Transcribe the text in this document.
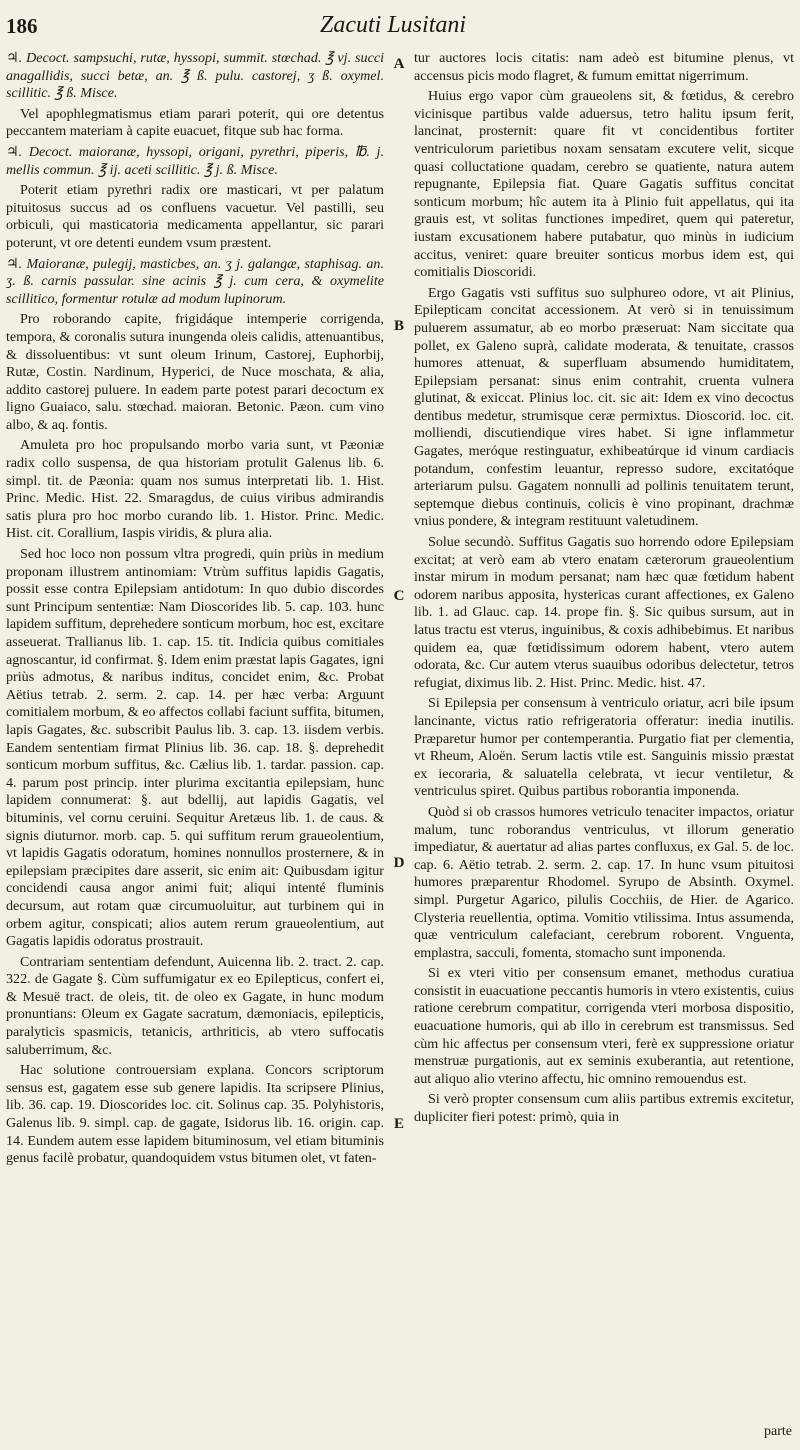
186	Zacuti Lusitani

♃. Decoct. sampsuchi, rutæ, hyssopi, summit. stœchad. ℥ vj. succi anagallidis, succi betæ, an. ℥ ß. pulu. castorej, ʒ ß. oxymel. scillitic. ℥ ß. Misce.

Vel apophlegmatismus etiam parari poterit, qui ore detentus peccantem materiam à capite euacuet, fitque sub hac forma.

♃. Decoct. maioranæ, hyssopi, origani, pyrethri, piperis, ℔. j. mellis commun. ℥ ij. aceti scillitic. ℥ j. ß. Misce.

Poterit etiam pyrethri radix ore masticari, vt per palatum pituitosus succus ad os confluens vacuetur. Vel pastilli, seu orbiculi, qui masticatoria medicamenta appellantur, sic parari poterunt, vt ore detenti eundem vsum præstent.

♃. Maioranæ, pulegij, masticbes, an. ʒ j. galangæ, staphisag. an. ʒ. ß. carnis passular. sine acinis ℥ j. cum cera, & oxymelite scillitico, formentur rotulæ ad modum lupinorum.

Pro roborando capite, frigidáque intemperie corrigenda, tempora, & coronalis sutura inungenda oleis calidis, attenuantibus, & dissoluentibus: vt sunt oleum Irinum, Castorej, Euphorbij, Rutæ, Costin. Nardinum, Hyperici, de Nuce moschata, & alia, addito castorej puluere. In eadem parte potest parari decoctum ex ligno Guaiaco, salu. stœchad. maioran. Betonic. Pæon. cum vino albo, & aq. fontis.

Amuleta pro hoc propulsando morbo varia sunt, vt Pæoniæ radix collo suspensa, de qua historiam protulit Galenus lib. 6. simpl. tit. de Pæonia: quam nos sumus interpretati lib. 1. Hist. Princ. Medic. Hist. 22. Smaragdus, de cuius viribus admirandis satis plura pro hoc morbo curando lib. 1. Histor. Princ. Medic. Hist. cit. Corallium, Iaspis viridis, & plura alia.

Sed hoc loco non possum vltra progredi, quin priùs in medium proponam illustrem antinomiam: Vtrùm suffitus lapidis Gagatis, possit esse contra Epilepsiam antidotum: In quo dubio discordes sunt Principum sententiæ: Nam Dioscorides lib. 5. cap. 103. hunc lapidem suffitum, deprehedere sonticum morbum, hoc est, excitare asseuerat. Trallianus lib. 1. cap. 15. tit. Indicia quibus comitiales agnoscantur, id confirmat. §. Idem enim præstat lapis Gagates, igni priùs admotus, & naribus inditus, concidet enim, &c. Probat Aëtius tetrab. 2. serm. 2. cap. 14. per hæc verba: Arguunt comitialem morbum, & eo affectos collabi faciunt suffita, bitumen, lapis Gagates, &c. subscribit Paulus lib. 3. cap. 13. iisdem verbis. Eandem sententiam firmat Plinius lib. 36. cap. 18. §. deprehedit sonticum morbum suffitus, &c. Cælius lib. 1. tardar. passion. cap. 4. parum post princip. inter plurima excitantia epilepsiam, hunc lapidem connumerat: §. aut bdellij, aut lapidis Gagatis, vel bituminis, vel cornu ceruini. Sequitur Aretæus lib. 1. de caus. & signis diuturnor. morb. cap. 5. qui suffitum rerum graueolentium, vt lapidis Gagatis odoratum, homines nonnullos prosternere, & in epilepsiam præcipites dare asserit, sic enim ait: Quibusdam igitur concidendi causa angor animi fuit; aliqui intenté fluminis decursum, aut rotam quæ circumuoluitur, aut turbinem qui in orbem agitur, conspicati; alios autem rerum graueolentium, aut Gagatis lapidis odoratus prostrauit.

Contrariam sententiam defendunt, Auicenna lib. 2. tract. 2. cap. 322. de Gagate §. Cùm suffumigatur ex eo Epilepticus, confert ei, & Mesuë tract. de oleis, tit. de oleo ex Gagate, in hunc modum pronuntians: Oleum ex Gagate sacratum, dæmoniacis, epilepticis, paralyticis spasmicis, tetanicis, arthriticis, ab vtero suffocatis saluberrimum, &c.

Hac solutione controuersiam explana. Concors scriptorum sensus est, gagatem esse sub genere lapidis. Ita scripsere Plinius, lib. 36. cap. 19. Dioscorides loc. cit. Solinus cap. 35. Polyhistoris, Galenus lib. 9. simpl. cap. de gagate, Isidorus lib. 16. origin. cap. 14. Eundem autem esse lapidem bituminosum, vel etiam bituminis genus facilè probatur, quandoquidem vstus bitumen olet, vt faten-

A
B
C
D
E

tur auctores locis citatis: nam adeò est bitumine plenus, vt accensus picis modo flagret, & fumum emittat nigerrimum.

Huius ergo vapor cùm graueolens sit, & fœtidus, & cerebro vicinisque partibus valde aduersus, tetro halitu ipsum ferit, lancinat, prosternit: quare fit vt concidentibus fortiter ventriculorum parietibus noxam sensatam excutere velit, sicque quasi colluctatione quadam, cerebro se quatiente, natura autem repugnante, Epilepsia fiat. Quare Gagatis suffitus concitat sonticum morbum; hîc autem ita à Plinio fuit appellatus, qui ita grauis est, vt solitas functiones impediret, quem qui pateretur, iustam excusationem habere putabatur, quo minùs in iudicium accitus, veniret: quare breuiter sonticus morbus idem est, qui comitialis Dioscoridi.

Ergo Gagatis vsti suffitus suo sulphureo odore, vt ait Plinius, Epilepticam concitat accessionem. At verò si in tenuissimum puluerem assumatur, ab eo morbo præseruat: Nam siccitate qua pollet, ex Galeno suprà, calidate moderata, & tenuitate, crassos humores attenuat, & superfluam absumendo humiditatem, Epilepsiam persanat: sinus enim contrahit, cruenta vulnera glutinat, & exiccat. Plinius loc. cit. sic ait: Idem ex vino decoctus dentibus medetur, strumisque ceræ permixtus. Dioscorid. loc. cit. molliendi, discutiendique vires habet. Si igne inflammetur Gagates, meróque restinguatur, exhibeatúrque id vinum cardiacis potandum, confestim leuantur, represso sudore, excitatóque arteriarum pulsu. Gagatem nonnulli ad pollinis tenuitatem terunt, septemque diebus continuis, colicis è vino propinant, drachmæ vnius pondere, & integram restituunt valetudinem.

Solue secundò. Suffitus Gagatis suo horrendo odore Epilepsiam excitat; at verò eam ab vtero enatam cæterorum graueolentium instar mirum in modum persanat; nam hæc quæ fœtidum habent odorem naribus apposita, hystericas curant affectiones, ex Galeno lib. 1. ad Glauc. cap. 14. prope fin. §. Sic quibus sursum, aut in latus tractu est vterus, inguinibus, & coxis adhibebimus. Et naribus quidem ea, quæ fœtidissimum odorem habent, vtero autem odorata, &c. Cur autem vterus suauibus odoribus delectetur, tetros refugiat, diximus lib. 2. Hist. Princ. Medic. hist. 47.

Si Epilepsia per consensum à ventriculo oriatur, acri bile ipsum lancinante, victus ratio refrigeratoria offeratur: inedia inutilis. Præparetur humor per contemperantia. Purgatio fiat per clementia, vt Rheum, Aloën. Serum lactis vtile est. Sanguinis missio præstat ex iecoraria, & saluatella celebrata, vt iecur ventiletur, & ventriculus spiret. Quibus partibus roborantia imponenda.

Quòd si ob crassos humores vetriculo tenaciter impactos, oriatur malum, tunc roborandus ventriculus, vt illorum generatio impediatur, & auertatur ad alias partes confluxus, ex Gal. 5. de loc. cap. 6. Aëtio tetrab. 2. serm. 2. cap. 17. In hunc vsum pituitosi humores præparentur Rhodomel. Syrupo de Absinth. Oxymel. simpl. Purgetur Agarico, pilulis Cocchiis, de Hier. de Agarico. Clysteria reuellentia, optima. Vomitio vtilissima. Intus assumenda, quæ ventriculum calefaciant, cerebrum roborent. Vnguenta, emplastra, sacculi, fomenta, stomacho sunt imponenda.

Si ex vteri vitio per consensum emanet, methodus curatiua consistit in euacuatione peccantis humoris in vtero existentis, cuius ratione cerebrum compatitur, corrigenda vteri morbosa dispositio, euacuatione humoris, qui ab illo in cerebrum est transmissus. Sed cùm hic affectus per consensum vteri, ferè ex suppressione oriatur menstruæ purgationis, aut ex seminis exuberantia, aut retentione, aut aliquo alio vterino affectu, hic omnino remouendus est.

Si verò propter consensum cum aliis partibus extremis excitetur, dupliciter fieri potest: primò, quia in

parte
